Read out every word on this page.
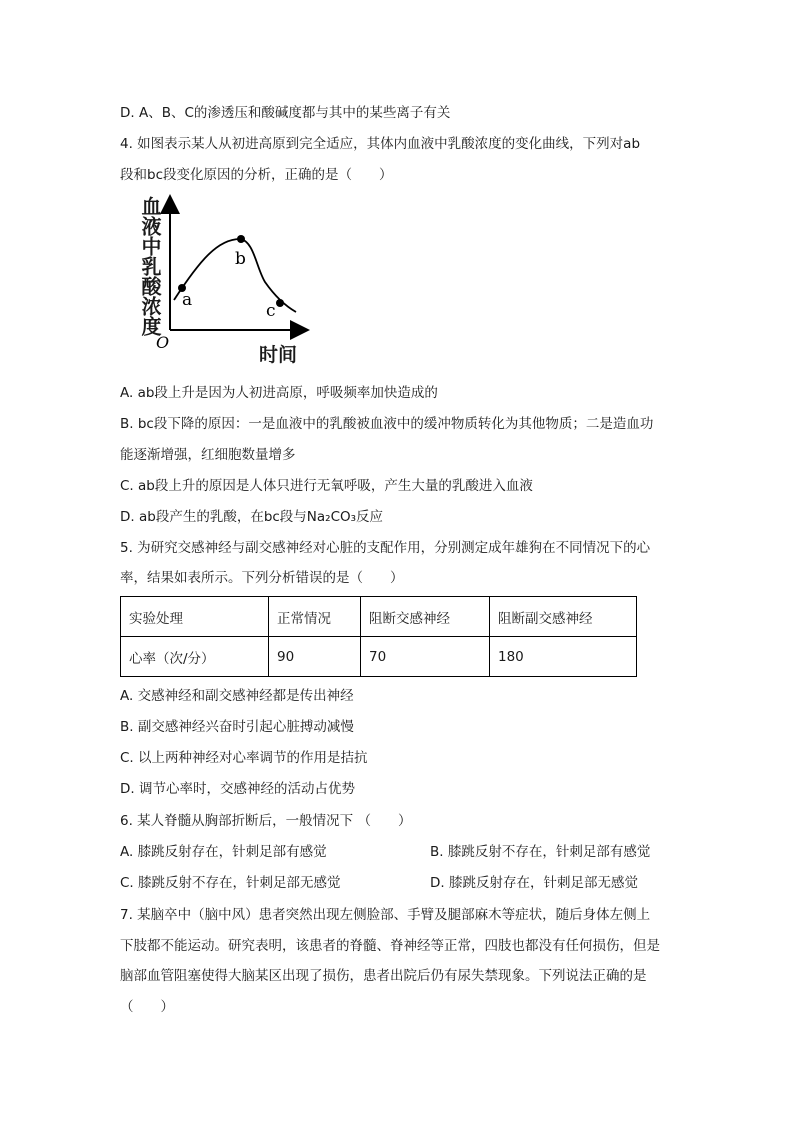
D. A、B、C的渗透压和酸碱度都与其中的某些离子有关
4. 如图表示某人从初进高原到完全适应，其体内血液中乳酸浓度的变化曲线，下列对ab
段和bc段变化原因的分析，正确的是（　　）
a
b
c
O
血液中乳酸浓度
时间
A. ab段上升是因为人初进高原，呼吸频率加快造成的
B. bc段下降的原因：一是血液中的乳酸被血液中的缓冲物质转化为其他物质；二是造血功
能逐渐增强，红细胞数量增多
C. ab段上升的原因是人体只进行无氧呼吸，产生大量的乳酸进入血液
D. ab段产生的乳酸，在bc段与Na₂CO₃反应
5. 为研究交感神经与副交感神经对心脏的支配作用，分别测定成年雄狗在不同情况下的心
率，结果如表所示。下列分析错误的是（　　）
实验处理	正常情况	阻断交感神经	阻断副交感神经
心率（次/分）	90	70	180
A. 交感神经和副交感神经都是传出神经
B. 副交感神经兴奋时引起心脏搏动减慢
C. 以上两种神经对心率调节的作用是拮抗
D. 调节心率时，交感神经的活动占优势
6. 某人脊髓从胸部折断后，一般情况下 （　　）
A. 膝跳反射存在，针刺足部有感觉	B. 膝跳反射不存在，针刺足部有感觉
C. 膝跳反射不存在，针刺足部无感觉	D. 膝跳反射存在，针刺足部无感觉
7. 某脑卒中（脑中风）患者突然出现左侧脸部、手臂及腿部麻木等症状，随后身体左侧上
下肢都不能运动。研究表明，该患者的脊髓、脊神经等正常，四肢也都没有任何损伤，但是
脑部血管阻塞使得大脑某区出现了损伤，患者出院后仍有尿失禁现象。下列说法正确的是
（　　）
